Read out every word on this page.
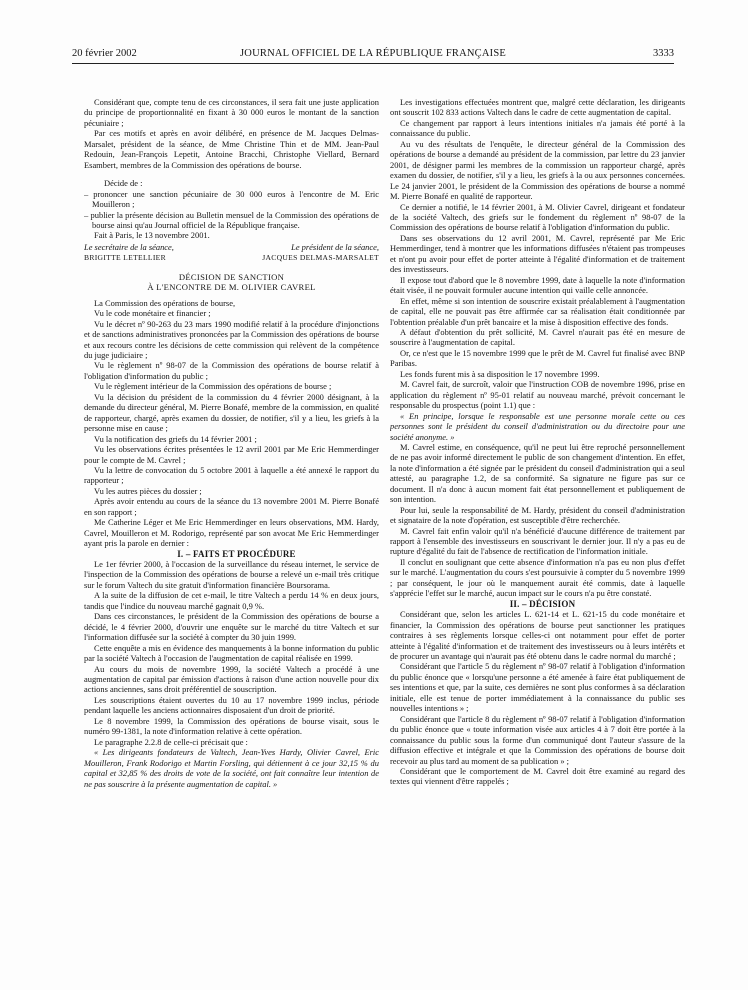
20 février 2002	JOURNAL OFFICIEL DE LA RÉPUBLIQUE FRANÇAISE	3333

Considérant que, compte tenu de ces circonstances, il sera fait une juste application du principe de proportionnalité en fixant à 30 000 euros le montant de la sanction pécuniaire ;

Par ces motifs et après en avoir délibéré, en présence de M. Jacques Delmas-Marsalet, président de la séance, de Mme Christine Thin et de MM. Jean-Paul Redouin, Jean-François Lepetit, Antoine Bracchi, Christophe Viellard, Bernard Esambert, membres de la Commission des opérations de bourse.

Décide de :

– prononcer une sanction pécuniaire de 30 000 euros à l'encontre de M. Eric Mouilleron ;

– publier la présente décision au Bulletin mensuel de la Commission des opérations de bourse ainsi qu'au Journal officiel de la République française.

Fait à Paris, le 13 novembre 2001.

Le secrétaire de la séance,	Le président de la séance,
BRIGITTE LETELLIER	JACQUES DELMAS-MARSALET

DÉCISION DE SANCTION

À L'ENCONTRE DE M. OLIVIER CAVREL

La Commission des opérations de bourse,

Vu le code monétaire et financier ;

Vu le décret nº 90-263 du 23 mars 1990 modifié relatif à la procédure d'injonctions et de sanctions administratives prononcées par la Commission des opérations de bourse et aux recours contre les décisions de cette commission qui relèvent de la compétence du juge judiciaire ;

Vu le règlement nº 98-07 de la Commission des opérations de bourse relatif à l'obligation d'information du public ;

Vu le règlement intérieur de la Commission des opérations de bourse ;

Vu la décision du président de la commission du 4 février 2000 désignant, à la demande du directeur général, M. Pierre Bonafé, membre de la commission, en qualité de rapporteur, chargé, après examen du dossier, de notifier, s'il y a lieu, les griefs à la personne mise en cause ;

Vu la notification des griefs du 14 février 2001 ;

Vu les observations écrites présentées le 12 avril 2001 par Me Eric Hemmerdinger pour le compte de M. Cavrel ;

Vu la lettre de convocation du 5 octobre 2001 à laquelle a été annexé le rapport du rapporteur ;

Vu les autres pièces du dossier ;

Après avoir entendu au cours de la séance du 13 novembre 2001 M. Pierre Bonafé en son rapport ;

Me Catherine Léger et Me Eric Hemmerdinger en leurs observations, MM. Hardy, Cavrel, Mouilleron et M. Rodorigo, représenté par son avocat Me Eric Hemmerdinger ayant pris la parole en dernier :

I. – FAITS ET PROCÉDURE

Le 1er février 2000, à l'occasion de la surveillance du réseau internet, le service de l'inspection de la Commission des opérations de bourse a relevé un e-mail très critique sur le forum Valtech du site gratuit d'information financière Boursorama.

A la suite de la diffusion de cet e-mail, le titre Valtech a perdu 14 % en deux jours, tandis que l'indice du nouveau marché gagnait 0,9 %.

Dans ces circonstances, le président de la Commission des opérations de bourse a décidé, le 4 février 2000, d'ouvrir une enquête sur le marché du titre Valtech et sur l'information diffusée sur la société à compter du 30 juin 1999.

Cette enquête a mis en évidence des manquements à la bonne information du public par la société Valtech à l'occasion de l'augmentation de capital réalisée en 1999.

Au cours du mois de novembre 1999, la société Valtech a procédé à une augmentation de capital par émission d'actions à raison d'une action nouvelle pour dix actions anciennes, sans droit préférentiel de souscription.

Les souscriptions étaient ouvertes du 10 au 17 novembre 1999 inclus, période pendant laquelle les anciens actionnaires disposaient d'un droit de priorité.

Le 8 novembre 1999, la Commission des opérations de bourse visait, sous le numéro 99-1381, la note d'information relative à cette opération.

Le paragraphe 2.2.8 de celle-ci précisait que :

« Les dirigeants fondateurs de Valtech, Jean-Yves Hardy, Olivier Cavrel, Eric Mouilleron, Frank Rodorigo et Martin Forsling, qui détiennent à ce jour 32,15 % du capital et 32,85 % des droits de vote de la société, ont fait connaître leur intention de ne pas souscrire à la présente augmentation de capital. »

Les investigations effectuées montrent que, malgré cette déclaration, les dirigeants ont souscrit 102 833 actions Valtech dans le cadre de cette augmentation de capital.

Ce changement par rapport à leurs intentions initiales n'a jamais été porté à la connaissance du public.

Au vu des résultats de l'enquête, le directeur général de la Commission des opérations de bourse a demandé au président de la commission, par lettre du 23 janvier 2001, de désigner parmi les membres de la commission un rapporteur chargé, après examen du dossier, de notifier, s'il y a lieu, les griefs à la ou aux personnes concernées. Le 24 janvier 2001, le président de la Commission des opérations de bourse a nommé M. Pierre Bonafé en qualité de rapporteur.

Ce dernier a notifié, le 14 février 2001, à M. Olivier Cavrel, dirigeant et fondateur de la société Valtech, des griefs sur le fondement du règlement nº 98-07 de la Commission des opérations de bourse relatif à l'obligation d'information du public.

Dans ses observations du 12 avril 2001, M. Cavrel, représenté par Me Eric Hemmerdinger, tend à montrer que les informations diffusées n'étaient pas trompeuses et n'ont pu avoir pour effet de porter atteinte à l'égalité d'information et de traitement des investisseurs.

Il expose tout d'abord que le 8 novembre 1999, date à laquelle la note d'information était visée, il ne pouvait formuler aucune intention qui vaille celle annoncée.

En effet, même si son intention de souscrire existait préalablement à l'augmentation de capital, elle ne pouvait pas être affirmée car sa réalisation était conditionnée par l'obtention préalable d'un prêt bancaire et la mise à disposition effective des fonds.

A défaut d'obtention du prêt sollicité, M. Cavrel n'aurait pas été en mesure de souscrire à l'augmentation de capital.

Or, ce n'est que le 15 novembre 1999 que le prêt de M. Cavrel fut finalisé avec BNP Paribas.

Les fonds furent mis à sa disposition le 17 novembre 1999.

M. Cavrel fait, de surcroît, valoir que l'instruction COB de novembre 1996, prise en application du règlement nº 95-01 relatif au nouveau marché, prévoit concernant le responsable du prospectus (point 1.1) que :

« En principe, lorsque le responsable est une personne morale cette ou ces personnes sont le président du conseil d'administration ou du directoire pour une société anonyme. »

M. Cavrel estime, en conséquence, qu'il ne peut lui être reproché personnellement de ne pas avoir informé directement le public de son changement d'intention. En effet, la note d'information a été signée par le président du conseil d'administration qui a seul attesté, au paragraphe 1.2, de sa conformité. Sa signature ne figure pas sur ce document. Il n'a donc à aucun moment fait état personnellement et publiquement de son intention.

Pour lui, seule la responsabilité de M. Hardy, président du conseil d'administration et signataire de la note d'opération, est susceptible d'être recherchée.

M. Cavrel fait enfin valoir qu'il n'a bénéficié d'aucune différence de traitement par rapport à l'ensemble des investisseurs en souscrivant le dernier jour. Il n'y a pas eu de rupture d'égalité du fait de l'absence de rectification de l'information initiale.

Il conclut en soulignant que cette absence d'information n'a pas eu non plus d'effet sur le marché. L'augmentation du cours s'est poursuivie à compter du 5 novembre 1999 ; par conséquent, le jour où le manquement aurait été commis, date à laquelle s'apprécie l'effet sur le marché, aucun impact sur le cours n'a pu être constaté.

II. – DÉCISION

Considérant que, selon les articles L. 621-14 et L. 621-15 du code monétaire et financier, la Commission des opérations de bourse peut sanctionner les pratiques contraires à ses règlements lorsque celles-ci ont notamment pour effet de porter atteinte à l'égalité d'information et de traitement des investisseurs ou à leurs intérêts et de procurer un avantage qui n'aurait pas été obtenu dans le cadre normal du marché ;

Considérant que l'article 5 du règlement nº 98-07 relatif à l'obligation d'information du public énonce que « lorsqu'une personne a été amenée à faire état publiquement de ses intentions et que, par la suite, ces dernières ne sont plus conformes à sa déclaration initiale, elle est tenue de porter immédiatement à la connaissance du public ses nouvelles intentions » ;

Considérant que l'article 8 du règlement nº 98-07 relatif à l'obligation d'information du public énonce que « toute information visée aux articles 4 à 7 doit être portée à la connaissance du public sous la forme d'un communiqué dont l'auteur s'assure de la diffusion effective et intégrale et que la Commission des opérations de bourse doit recevoir au plus tard au moment de sa publication » ;

Considérant que le comportement de M. Cavrel doit être examiné au regard des textes qui viennent d'être rappelés ;
